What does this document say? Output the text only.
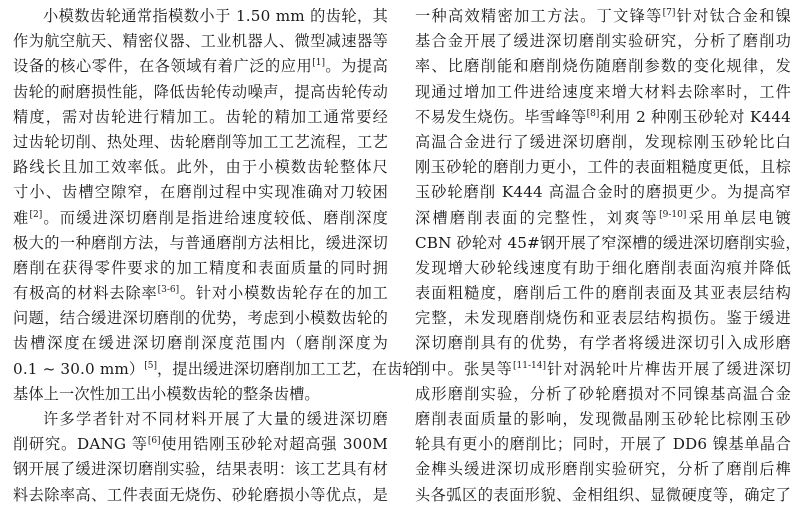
小模数齿轮通常指模数小于 1.50 mm 的齿轮，其
作为航空航天、精密仪器、工业机器人、微型减速器等
设备的核心零件，在各领域有着广泛的应用[1]。为提高
齿轮的耐磨损性能，降低齿轮传动噪声，提高齿轮传动
精度，需对齿轮进行精加工。齿轮的精加工通常要经
过齿轮切削、热处理、齿轮磨削等加工工艺流程，工艺
路线长且加工效率低。此外，由于小模数齿轮整体尺
寸小、齿槽空隙窄，在磨削过程中实现准确对刀较困
难[2]。而缓进深切磨削是指进给速度较低、磨削深度
极大的一种磨削方法，与普通磨削方法相比，缓进深切
磨削在获得零件要求的加工精度和表面质量的同时拥
有极高的材料去除率[3-6]。针对小模数齿轮存在的加工
问题，结合缓进深切磨削的优势，考虑到小模数齿轮的
齿槽深度在缓进深切磨削深度范围内（磨削深度为
0.1 ~ 30.0 mm）[5]，提出缓进深切磨削加工工艺，在齿轮
基体上一次性加工出小模数齿轮的整条齿槽。
许多学者针对不同材料开展了大量的缓进深切磨
削研究。DANG 等[6]使用锆刚玉砂轮对超高强 300M
钢开展了缓进深切磨削实验，结果表明：该工艺具有材
料去除率高、工件表面无烧伤、砂轮磨损小等优点，是
一种高效精密加工方法。丁文锋等[7]针对钛合金和镍
基合金开展了缓进深切磨削实验研究，分析了磨削功
率、比磨削能和磨削烧伤随磨削参数的变化规律，发
现通过增加工件进给速度来增大材料去除率时，工件
不易发生烧伤。毕雪峰等[8]利用 2 种刚玉砂轮对 K444
高温合金进行了缓进深切磨削，发现棕刚玉砂轮比白
刚玉砂轮的磨削力更小，工件的表面粗糙度更低，且棕
玉砂轮磨削 K444 高温合金时的磨损更少。为提高窄
深槽磨削表面的完整性，刘爽等[9-10]采用单层电镀
CBN 砂轮对 45#钢开展了窄深槽的缓进深切磨削实验，
发现增大砂轮线速度有助于细化磨削表面沟痕并降低
表面粗糙度，磨削后工件的磨削表面及其亚表层结构
完整，未发现磨削烧伤和亚表层结构损伤。鉴于缓进
深切磨削具有的优势，有学者将缓进深切引入成形磨
削中。张昊等[11-14]针对涡轮叶片榫齿开展了缓进深切
成形磨削实验，分析了砂轮磨损对不同镍基高温合金
磨削表面质量的影响，发现微晶刚玉砂轮比棕刚玉砂
轮具有更小的磨削比；同时，开展了 DD6 镍基单晶合
金榫头缓进深切成形磨削实验研究，分析了磨削后榫
头各弧区的表面形貌、金相组织、显微硬度等，确定了
